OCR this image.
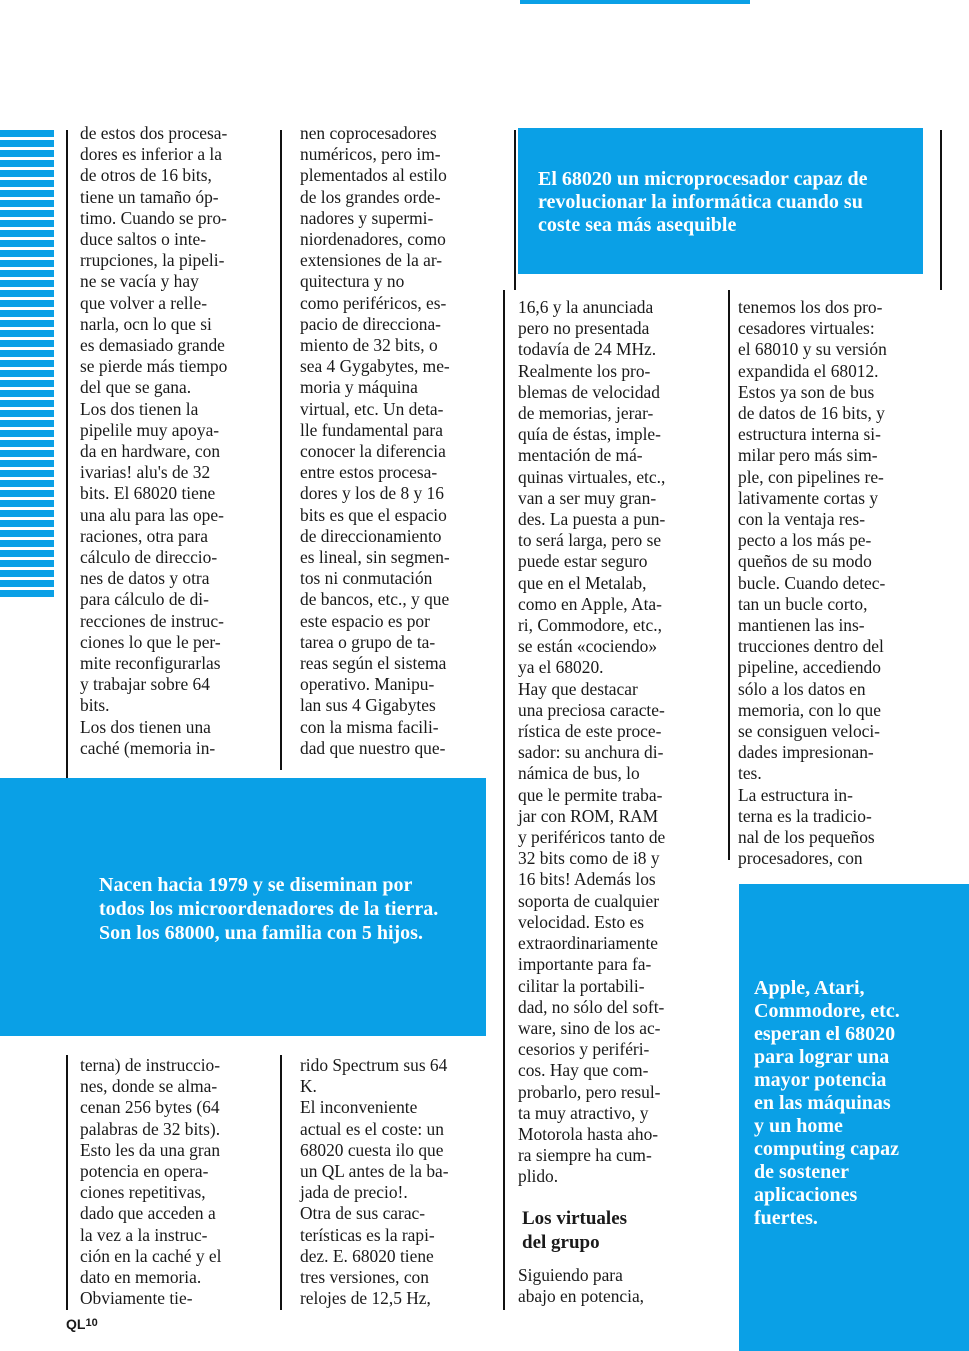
El 68020 un microprocesador capaz de
revolucionar la informática cuando su
coste sea más asequible

Nacen hacia 1979 y se diseminan por
todos los microordenadores de la tierra.
Son los 68000, una familia con 5 hijos.

Apple, Atari,
Commodore, etc.
esperan el 68020
para lograr una
mayor potencia
en las máquinas
y un home
computing capaz
de sostener
aplicaciones
fuertes.

de estos dos procesa-
dores es inferior a la
de otros de 16 bits,
tiene un tamaño óp-
timo. Cuando se pro-
duce saltos o inte-
rrupciones, la pipeli-
ne se vacía y hay
que volver a relle-
narla, ocn lo que si
es demasiado grande
se pierde más tiempo
del que se gana.
Los dos tienen la
pipelile muy apoya-
da en hardware, con
ivarias! alu's de 32
bits. El 68020 tiene
una alu para las ope-
raciones, otra para
cálculo de direccio-
nes de datos y otra
para cálculo de di-
recciones de instruc-
ciones lo que le per-
mite reconfigurarlas
y trabajar sobre 64
bits.
Los dos tienen una
caché (memoria in-

nen coprocesadores
numéricos, pero im-
plementados al estilo
de los grandes orde-
nadores y supermi-
niordenadores, como
extensiones de la ar-
quitectura y no
como periféricos, es-
pacio de direcciona-
miento de 32 bits, o
sea 4 Gygabytes, me-
moria y máquina
virtual, etc. Un deta-
lle fundamental para
conocer la diferencia
entre estos procesa-
dores y los de 8 y 16
bits es que el espacio
de direccionamiento
es lineal, sin segmen-
tos ni conmutación
de bancos, etc., y que
este espacio es por
tarea o grupo de ta-
reas según el sistema
operativo. Manipu-
lan sus 4 Gigabytes
con la misma facili-
dad que nuestro que-

terna) de instruccio-
nes, donde se alma-
cenan 256 bytes (64
palabras de 32 bits).
Esto les da una gran
potencia en opera-
ciones repetitivas,
dado que acceden a
la vez a la instruc-
ción en la caché y el
dato en memoria.
Obviamente tie-

rido Spectrum sus 64
K.
El inconveniente
actual es el coste: un
68020 cuesta ilo que
un QL antes de la ba-
jada de precio!.
Otra de sus carac-
terísticas es la rapi-
dez. E. 68020 tiene
tres versiones, con
relojes de 12,5 Hz,

16,6 y la anunciada
pero no presentada
todavía de 24 MHz.
Realmente los pro-
blemas de velocidad
de memorias, jerar-
quía de éstas, imple-
mentación de má-
quinas virtuales, etc.,
van a ser muy gran-
des. La puesta a pun-
to será larga, pero se
puede estar seguro
que en el Metalab,
como en Apple, Ata-
ri, Commodore, etc.,
se están «cociendo»
ya el 68020.
Hay que destacar
una preciosa caracte-
rística de este proce-
sador: su anchura di-
námica de bus, lo
que le permite traba-
jar con ROM, RAM
y periféricos tanto de
32 bits como de i8 y
16 bits! Además los
soporta de cualquier
velocidad. Esto es
extraordinariamente
importante para fa-
cilitar la portabili-
dad, no sólo del soft-
ware, sino de los ac-
cesorios y periféri-
cos. Hay que com-
probarlo, pero resul-
ta muy atractivo, y
Motorola hasta aho-
ra siempre ha cum-
plido.

Los virtuales
del grupo

Siguiendo para
abajo en potencia,

tenemos los dos pro-
cesadores virtuales:
el 68010 y su versión
expandida el 68012.
Estos ya son de bus
de datos de 16 bits, y
estructura interna si-
milar pero más sim-
ple, con pipelines re-
lativamente cortas y
con la ventaja res-
pecto a los más pe-
queños de su modo
bucle. Cuando detec-
tan un bucle corto,
mantienen las ins-
trucciones dentro del
pipeline, accediendo
sólo a los datos en
memoria, con lo que
se consiguen veloci-
dades impresionan-
tes.
La estructura in-
terna es la tradicio-
nal de los pequeños
procesadores, con

QL$^{10}$
